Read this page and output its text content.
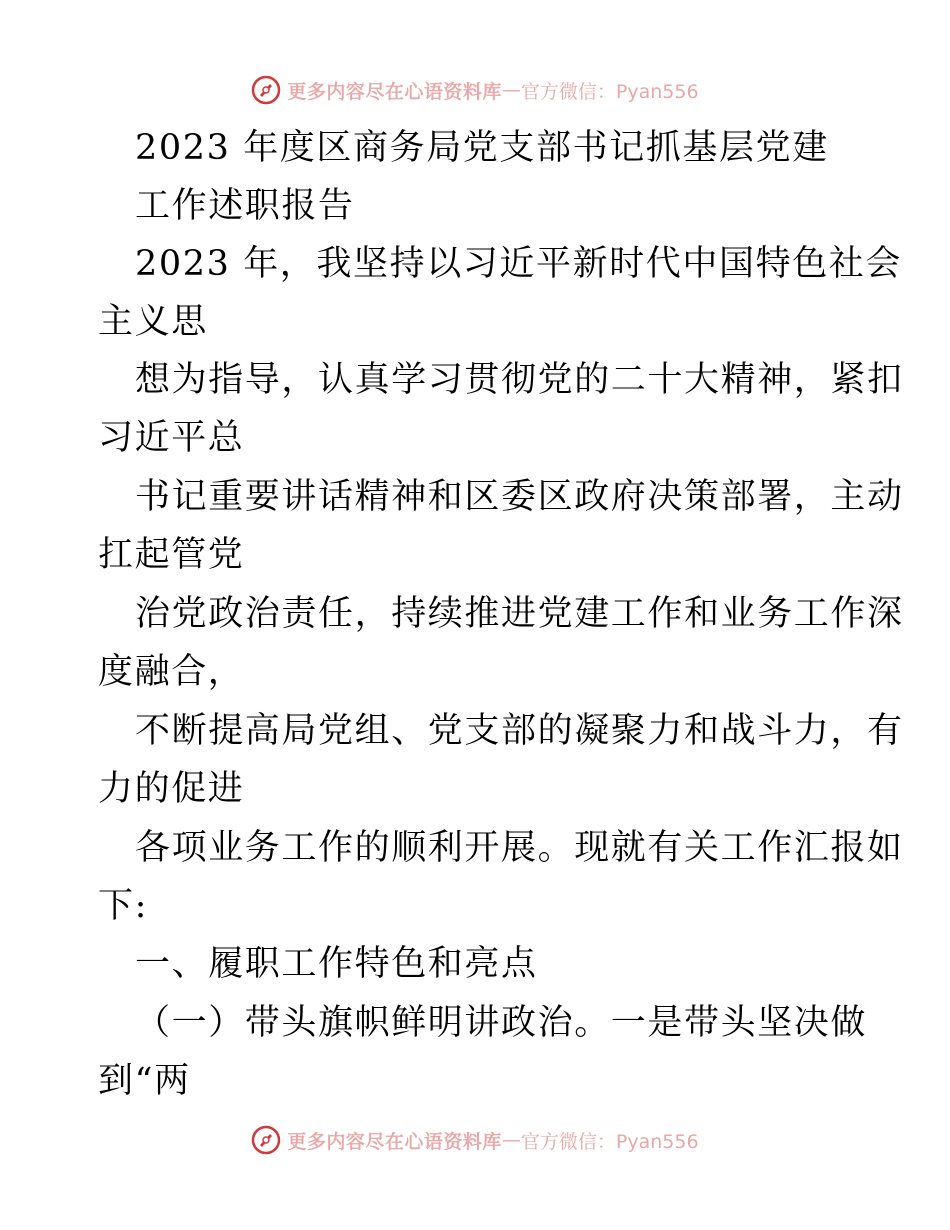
更多内容尽在心语资料库 — 官方微信：Pyan556
2023 年度区商务局党支部书记抓基层党建
工作述职报告
2023 年，我坚持以习近平新时代中国特色社会
主义思
想为指导，认真学习贯彻党的二十大精神，紧扣
习近平总
书记重要讲话精神和区委区政府决策部署，主动
扛起管党
治党政治责任，持续推进党建工作和业务工作深
度融合，
不断提高局党组、党支部的凝聚力和战斗力，有
力的促进
各项业务工作的顺利开展。现就有关工作汇报如
下:
一、履职工作特色和亮点
（一）带头旗帜鲜明讲政治。一是带头坚决做
到“两
更多内容尽在心语资料库 — 官方微信：Pyan556
